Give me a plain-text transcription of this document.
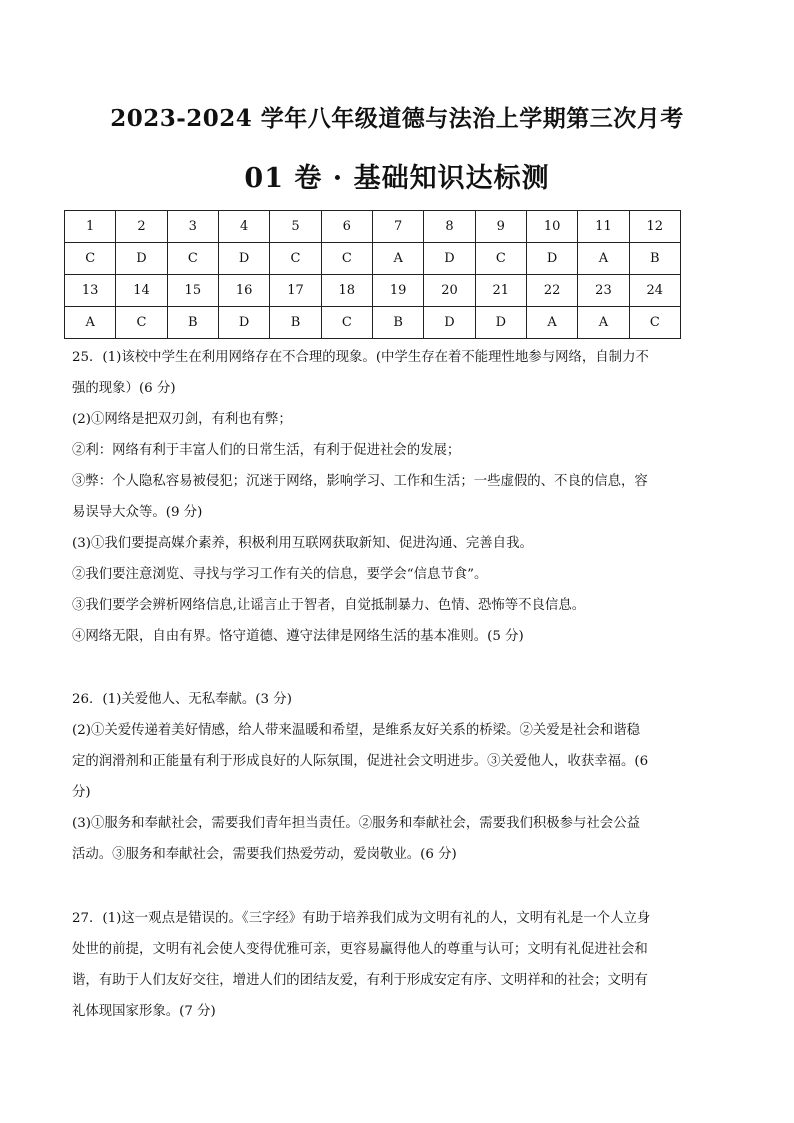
2023-2024 学年八年级道德与法治上学期第三次月考
01 卷 · 基础知识达标测
1	2	3	4	5	6	7	8	9	10	11	12
C	D	C	D	C	C	A	D	C	D	A	B
13	14	15	16	17	18	19	20	21	22	23	24
A	C	B	D	B	C	B	D	D	A	A	C

25．(1)该校中学生在利用网络存在不合理的现象。(中学生存在着不能理性地参与网络，自制力不

强的现象）(6 分)

(2)①网络是把双刃剑，有利也有弊；

②利：网络有利于丰富人们的日常生活，有利于促进社会的发展；

③弊：个人隐私容易被侵犯；沉迷于网络，影响学习、工作和生活；一些虚假的、不良的信息，容

易误导大众等。(9 分)

(3)①我们要提高媒介素养，积极利用互联网获取新知、促进沟通、完善自我。

②我们要注意浏览、寻找与学习工作有关的信息，要学会“信息节食”。

③我们要学会辨析网络信息,让谣言止于智者，自觉抵制暴力、色情、恐怖等不良信息。

④网络无限，自由有界。恪守道德、遵守法律是网络生活的基本准则。(5 分)

26．(1)关爱他人、无私奉献。(3 分)

(2)①关爱传递着美好情感，给人带来温暖和希望，是维系友好关系的桥梁。②关爱是社会和谐稳

定的润滑剂和正能量有利于形成良好的人际氛围，促进社会文明进步。③关爱他人，收获幸福。(6

分)

(3)①服务和奉献社会，需要我们青年担当责任。②服务和奉献社会，需要我们积极参与社会公益

活动。③服务和奉献社会，需要我们热爱劳动，爱岗敬业。(6 分)

27．(1)这一观点是错误的。《三字经》有助于培养我们成为文明有礼的人，文明有礼是一个人立身

处世的前提，文明有礼会使人变得优雅可亲，更容易赢得他人的尊重与认可；文明有礼促进社会和

谐，有助于人们友好交往，增进人们的团结友爱，有利于形成安定有序、文明祥和的社会；文明有

礼体现国家形象。(7 分)
